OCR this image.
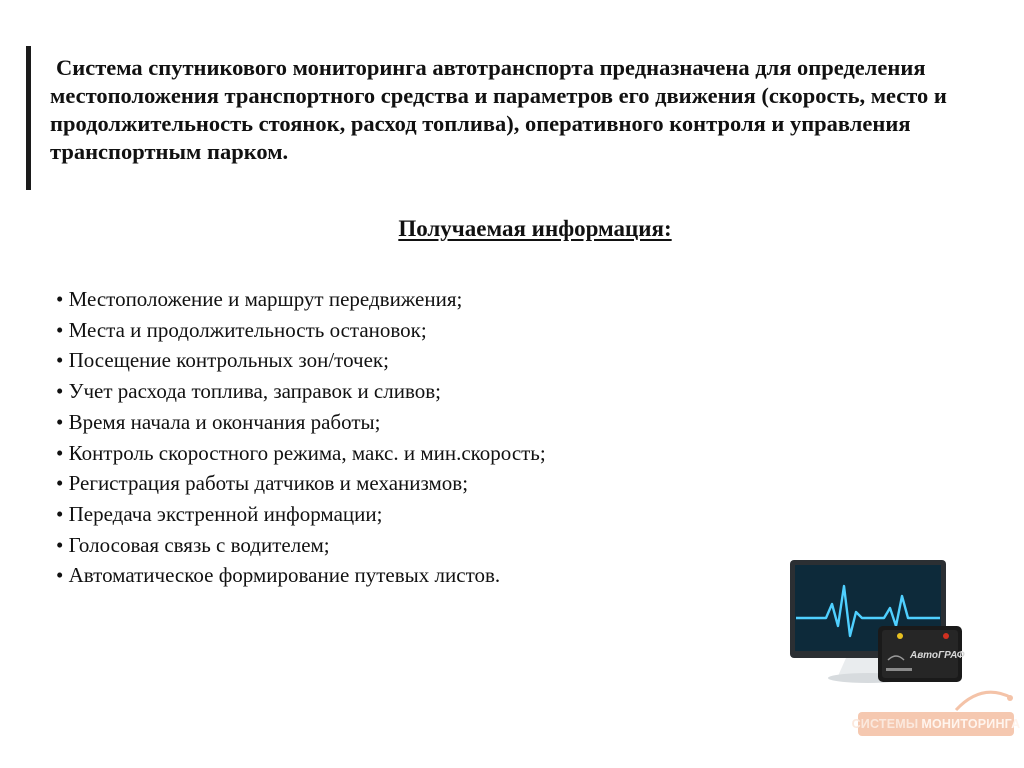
Система спутникового мониторинга автотранспорта предназначена для определения местоположения транспортного средства и параметров его движения (скорость, место и продолжительность стоянок, расход топлива), оперативного контроля и управления транспортным парком.

Получаемая информация:
• Местоположение и маршрут передвижения;
• Места и продолжительность остановок;
• Посещение контрольных зон/точек;
• Учет расхода топлива, заправок и сливов;
• Время начала и окончания работы;
• Контроль скоростного режима, макс. и мин.скорость;
• Регистрация работы датчиков и механизмов;
• Передача экстренной информации;
• Голосовая связь с водителем;
• Автоматическое формирование путевых листов.
АвтоГРАФ
СИСТЕМЫ МОНИТОРИНГА
